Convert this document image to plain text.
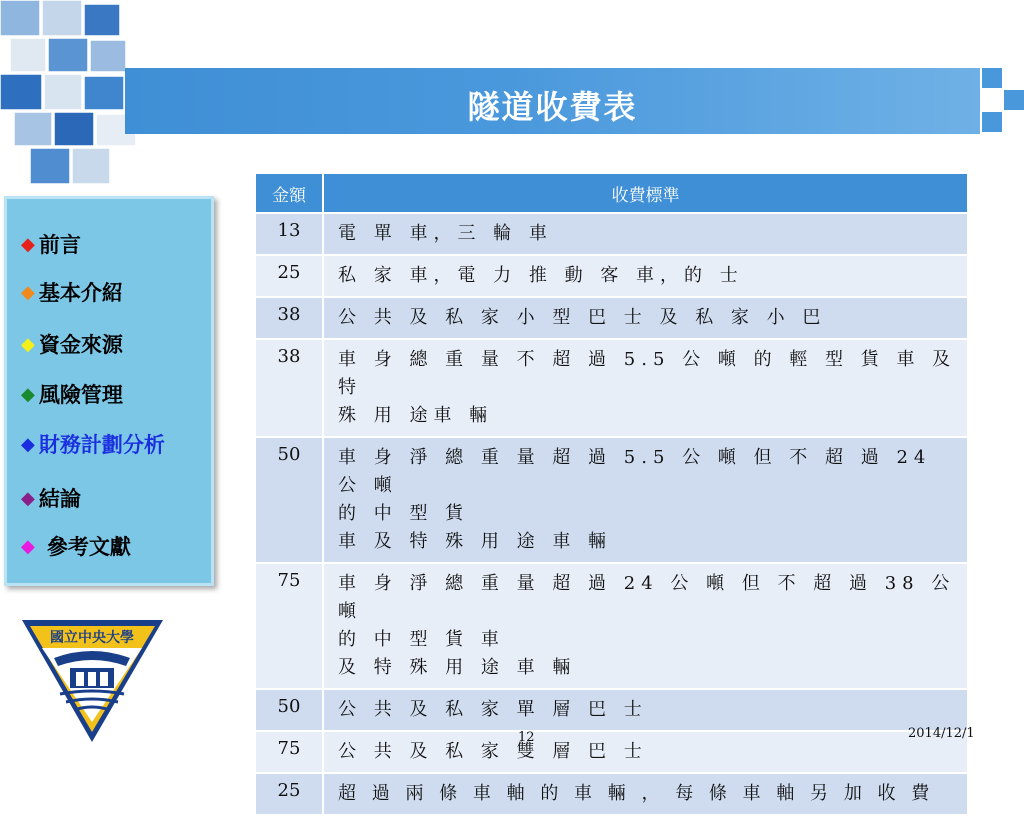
隧道收費表
◆ 前言
◆ 基本介紹
◆ 資金來源
◆ 風險管理
◆ 財務計劃分析
◆ 結論
◆ 參考文獻
國立中央大學
金額	收費標準
13	電 單 車，三 輪 車

25	私 家 車，電 力 推 動 客 車，的 士

38	公 共 及 私 家 小 型 巴 士 及 私 家 小 巴

38	車 身 總 重 量 不 超 過 5.5 公 噸 的 輕 型 貨 車 及 特
殊 用 途車 輛

50	車 身 淨 總 重 量 超 過 5.5 公 噸 但 不 超 過 24 公 噸
的 中 型 貨
車 及 特 殊 用 途 車 輛

75	車 身 淨 總 重 量 超 過 24 公 噸 但 不 超 過 38 公 噸
的 中 型 貨 車
及 特 殊 用 途 車 輛

50	公 共 及 私 家 單 層 巴 士

75	公 共 及 私 家 雙 層 巴 士

25	超 過 兩 條 車 軸 的 車 輛 ， 每 條 車 軸 另 加 收 費
12	2014/12/1
